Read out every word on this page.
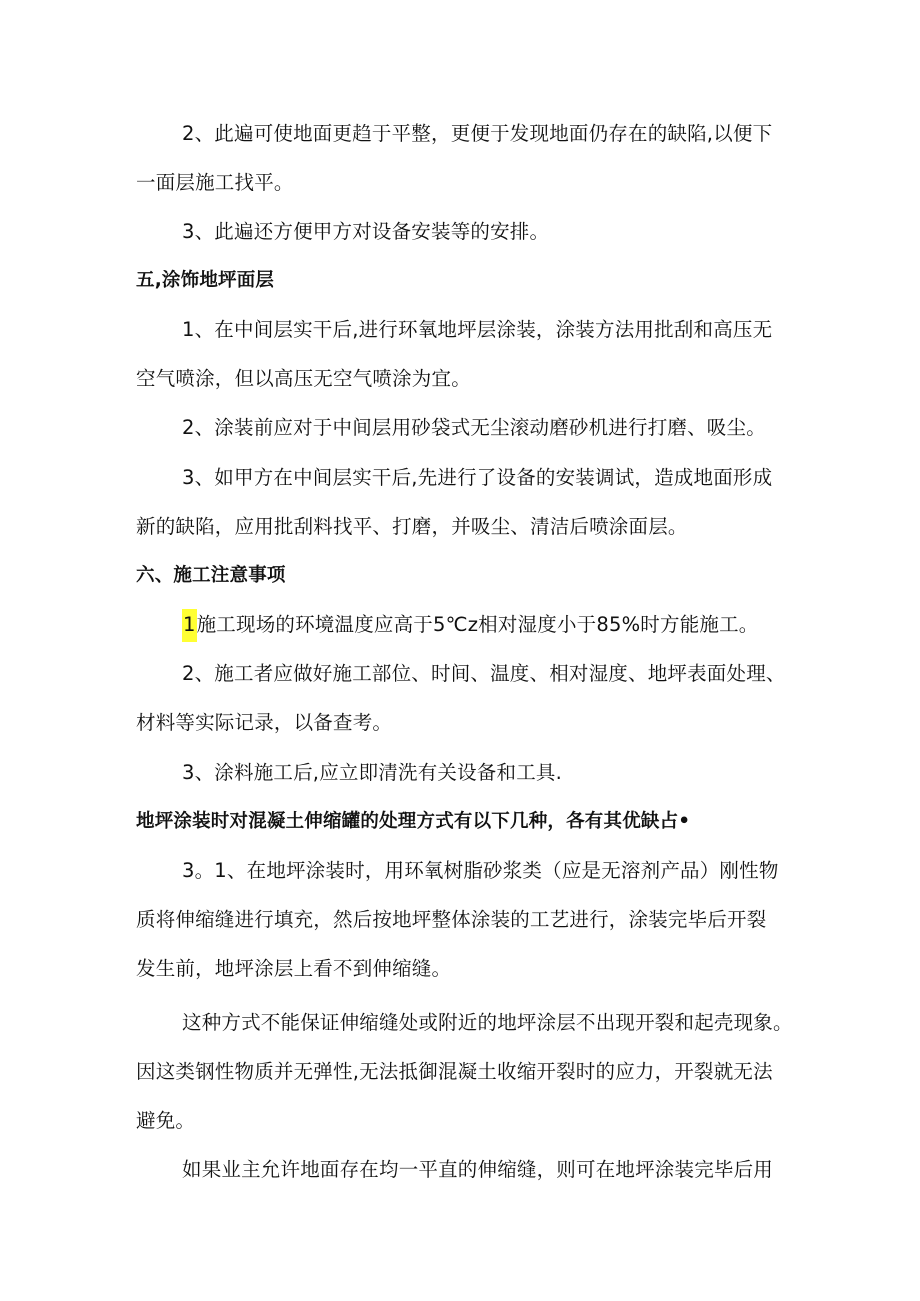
2、此遍可使地面更趋于平整，更便于发现地面仍存在的缺陷,以便下
一面层施工找平。
3、此遍还方便甲方对设备安装等的安排。
五,涂饰地坪面层
1、在中间层实干后,进行环氧地坪层涂装，涂装方法用批刮和高压无
空气喷涂，但以高压无空气喷涂为宜。
2、涂装前应对于中间层用砂袋式无尘滚动磨砂机进行打磨、吸尘。
3、如甲方在中间层实干后,先进行了设备的安装调试，造成地面形成
新的缺陷，应用批刮料找平、打磨，并吸尘、清洁后喷涂面层。
六、施工注意事项
1施工现场的环境温度应高于5℃z相对湿度小于85%时方能施工。
2、施工者应做好施工部位、时间、温度、相对湿度、地坪表面处理、
材料等实际记录，以备查考。
3、涂料施工后,应立即清洗有关设备和工具.
地坪涂装时对混凝土伸缩罐的处理方式有以下几种，各有其优缺占•
3。1、在地坪涂装时，用环氧树脂砂浆类（应是无溶剂产品）刚性物
质将伸缩缝进行填充，然后按地坪整体涂装的工艺进行，涂装完毕后开裂
发生前，地坪涂层上看不到伸缩缝。
这种方式不能保证伸缩缝处或附近的地坪涂层不出现开裂和起壳现象。
因这类钢性物质并无弹性,无法抵御混凝土收缩开裂时的应力，开裂就无法
避免。
如果业主允许地面存在均一平直的伸缩缝，则可在地坪涂装完毕后用
